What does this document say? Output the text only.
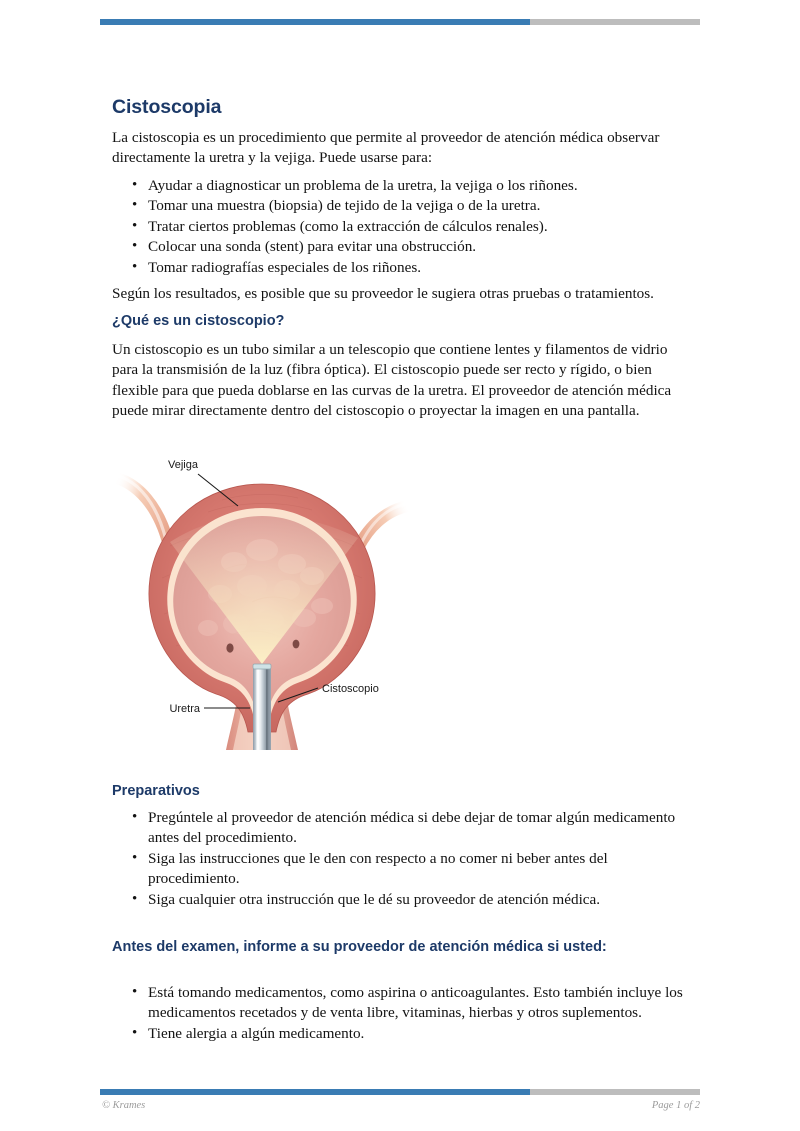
Cistoscopia

La cistoscopia es un procedimiento que permite al proveedor de atención médica observar directamente la uretra y la vejiga. Puede usarse para:

• Ayudar a diagnosticar un problema de la uretra, la vejiga o los riñones.
• Tomar una muestra (biopsia) de tejido de la vejiga o de la uretra.
• Tratar ciertos problemas (como la extracción de cálculos renales).
• Colocar una sonda (stent) para evitar una obstrucción.
• Tomar radiografías especiales de los riñones.

Según los resultados, es posible que su proveedor le sugiera otras pruebas o tratamientos.

¿Qué es un cistoscopio?

Un cistoscopio es un tubo similar a un telescopio que contiene lentes y filamentos de vidrio para la transmisión de la luz (fibra óptica). El cistoscopio puede ser recto y rígido, o bien flexible para que pueda doblarse en las curvas de la uretra. El proveedor de atención médica puede mirar directamente dentro del cistoscopio o proyectar la imagen en una pantalla.

Vejiga
Cistoscopio
Uretra
Preparativos
• Pregúntele al proveedor de atención médica si debe dejar de tomar algún medicamento antes del procedimiento.
• Siga las instrucciones que le den con respecto a no comer ni beber antes del procedimiento.
• Siga cualquier otra instrucción que le dé su proveedor de atención médica.
Antes del examen, informe a su proveedor de atención médica si usted:
• Está tomando medicamentos, como aspirina o anticoagulantes. Esto también incluye los medicamentos recetados y de venta libre, vitaminas, hierbas y otros suplementos.
• Tiene alergia a algún medicamento.
© Krames	Page 1 of 2
